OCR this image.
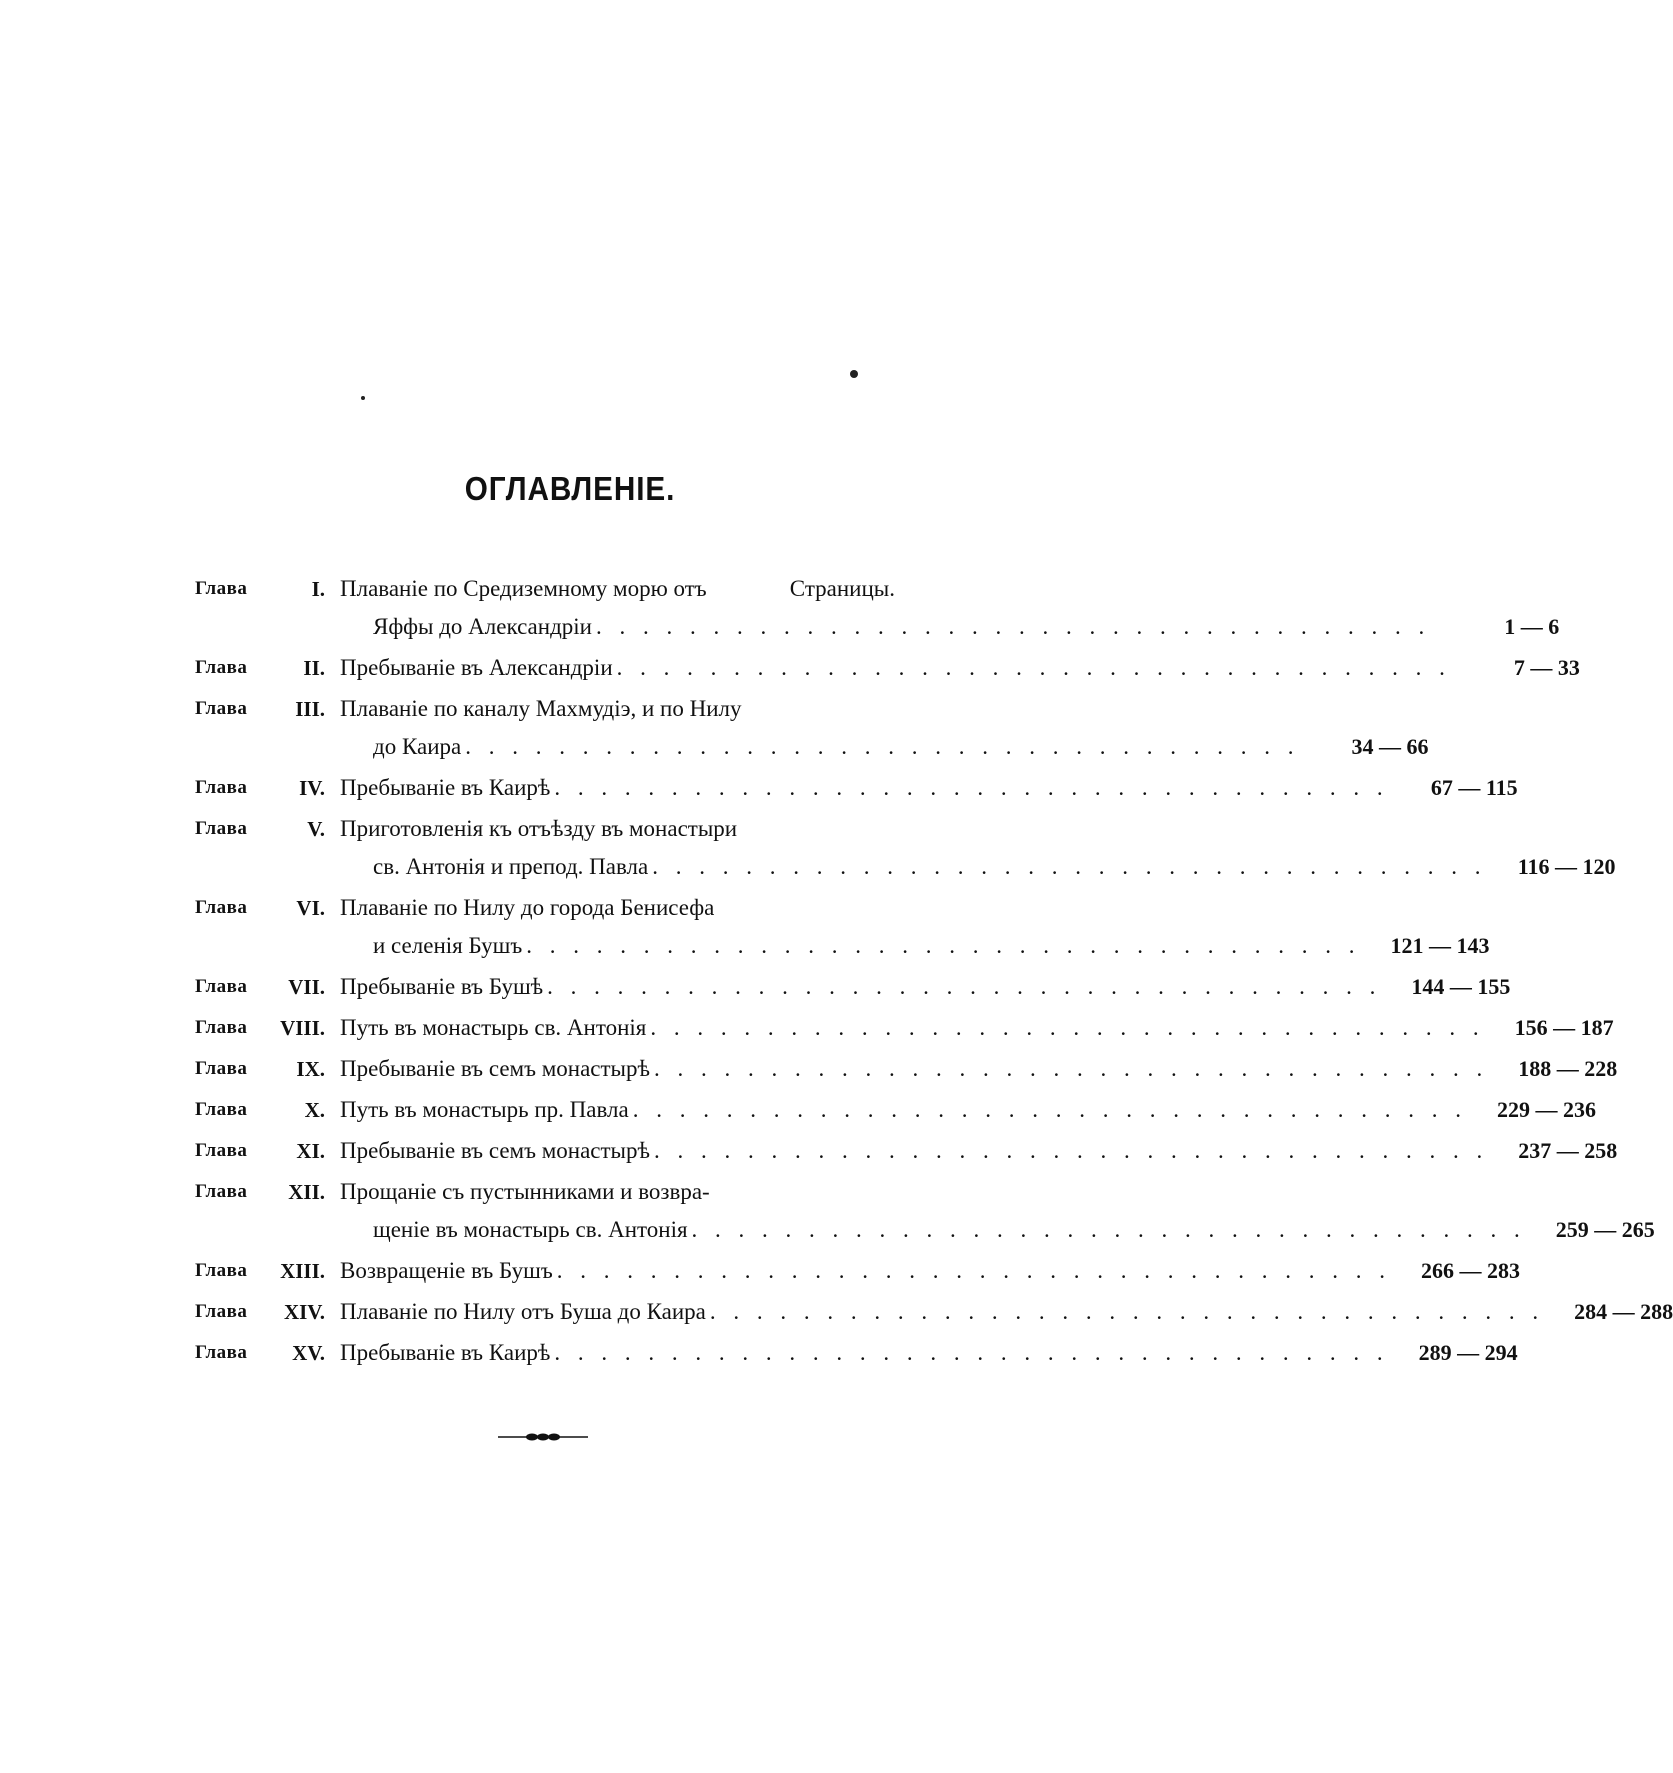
ОГЛАВЛЕНIЕ.
Глава	I. Плаванiе по Средиземному морю отъ	Страницы.
Яффы до Александрiи . . . . . . . . . . . . . . . . . . . . . . . . . . . . . . . . . . . .	1 — 6
Глава	II. Пребыванiе въ Александрiи . . . . . . . . . . . . . . . . . . . . . . . . . . . . . . . . . . . .	7 — 33
Глава	III. Плаванiе по каналу Махмудiэ, и по Нилу
до Каира . . . . . . . . . . . . . . . . . . . . . . . . . . . . . . . . . . . .	34 — 66
Глава	IV. Пребыванiе въ Каирѣ . . . . . . . . . . . . . . . . . . . . . . . . . . . . . . . . . . . .	67 — 115
Глава	V. Приготовленiя къ отъѣзду въ монастыри
св. Антонiя и препод. Павла . . . . . . . . . . . . . . . . . . . . . . . . . . . . . . . . . . . .	116 — 120
Глава	VI. Плаванiе по Нилу до города Бенисефа
и селенiя Бушъ . . . . . . . . . . . . . . . . . . . . . . . . . . . . . . . . . . . .	121 — 143
Глава	VII. Пребыванiе въ Бушѣ . . . . . . . . . . . . . . . . . . . . . . . . . . . . . . . . . . . .	144 — 155
Глава VIII. Путь въ монастырь св. Антонiя . . . . . . . . . . . . . . . . . . . . . . . . . . . . . . . . . . . .	156 — 187
Глава	IX. Пребыванiе въ семъ монастырѣ . . . . . . . . . . . . . . . . . . . . . . . . . . . . . . . . . . . .	188 — 228
Глава	X. Путь въ монастырь пр. Павла . . . . . . . . . . . . . . . . . . . . . . . . . . . . . . . . . . . .	229 — 236
Глава	XI. Пребыванiе въ семъ монастырѣ . . . . . . . . . . . . . . . . . . . . . . . . . . . . . . . . . . . .	237 — 258
Глава	XII. Прощанiе съ пустынниками и возвра-
щенiе въ монастырь св. Антонiя . . . . . . . . . . . . . . . . . . . . . . . . . . . . . . . . . . . .	259 — 265
Глава XIII. Возвращенiе въ Бушъ . . . . . . . . . . . . . . . . . . . . . . . . . . . . . . . . . . . .	266 — 283
Глава	XIV. Плаванiе по Нилу отъ Буша до Каира . . . . . . . . . . . . . . . . . . . . . . . . . . . . . . . . . . . .	284 — 288
Глава	XV. Пребыванiе въ Каирѣ . . . . . . . . . . . . . . . . . . . . . . . . . . . . . . . . . . . .	289 — 294
